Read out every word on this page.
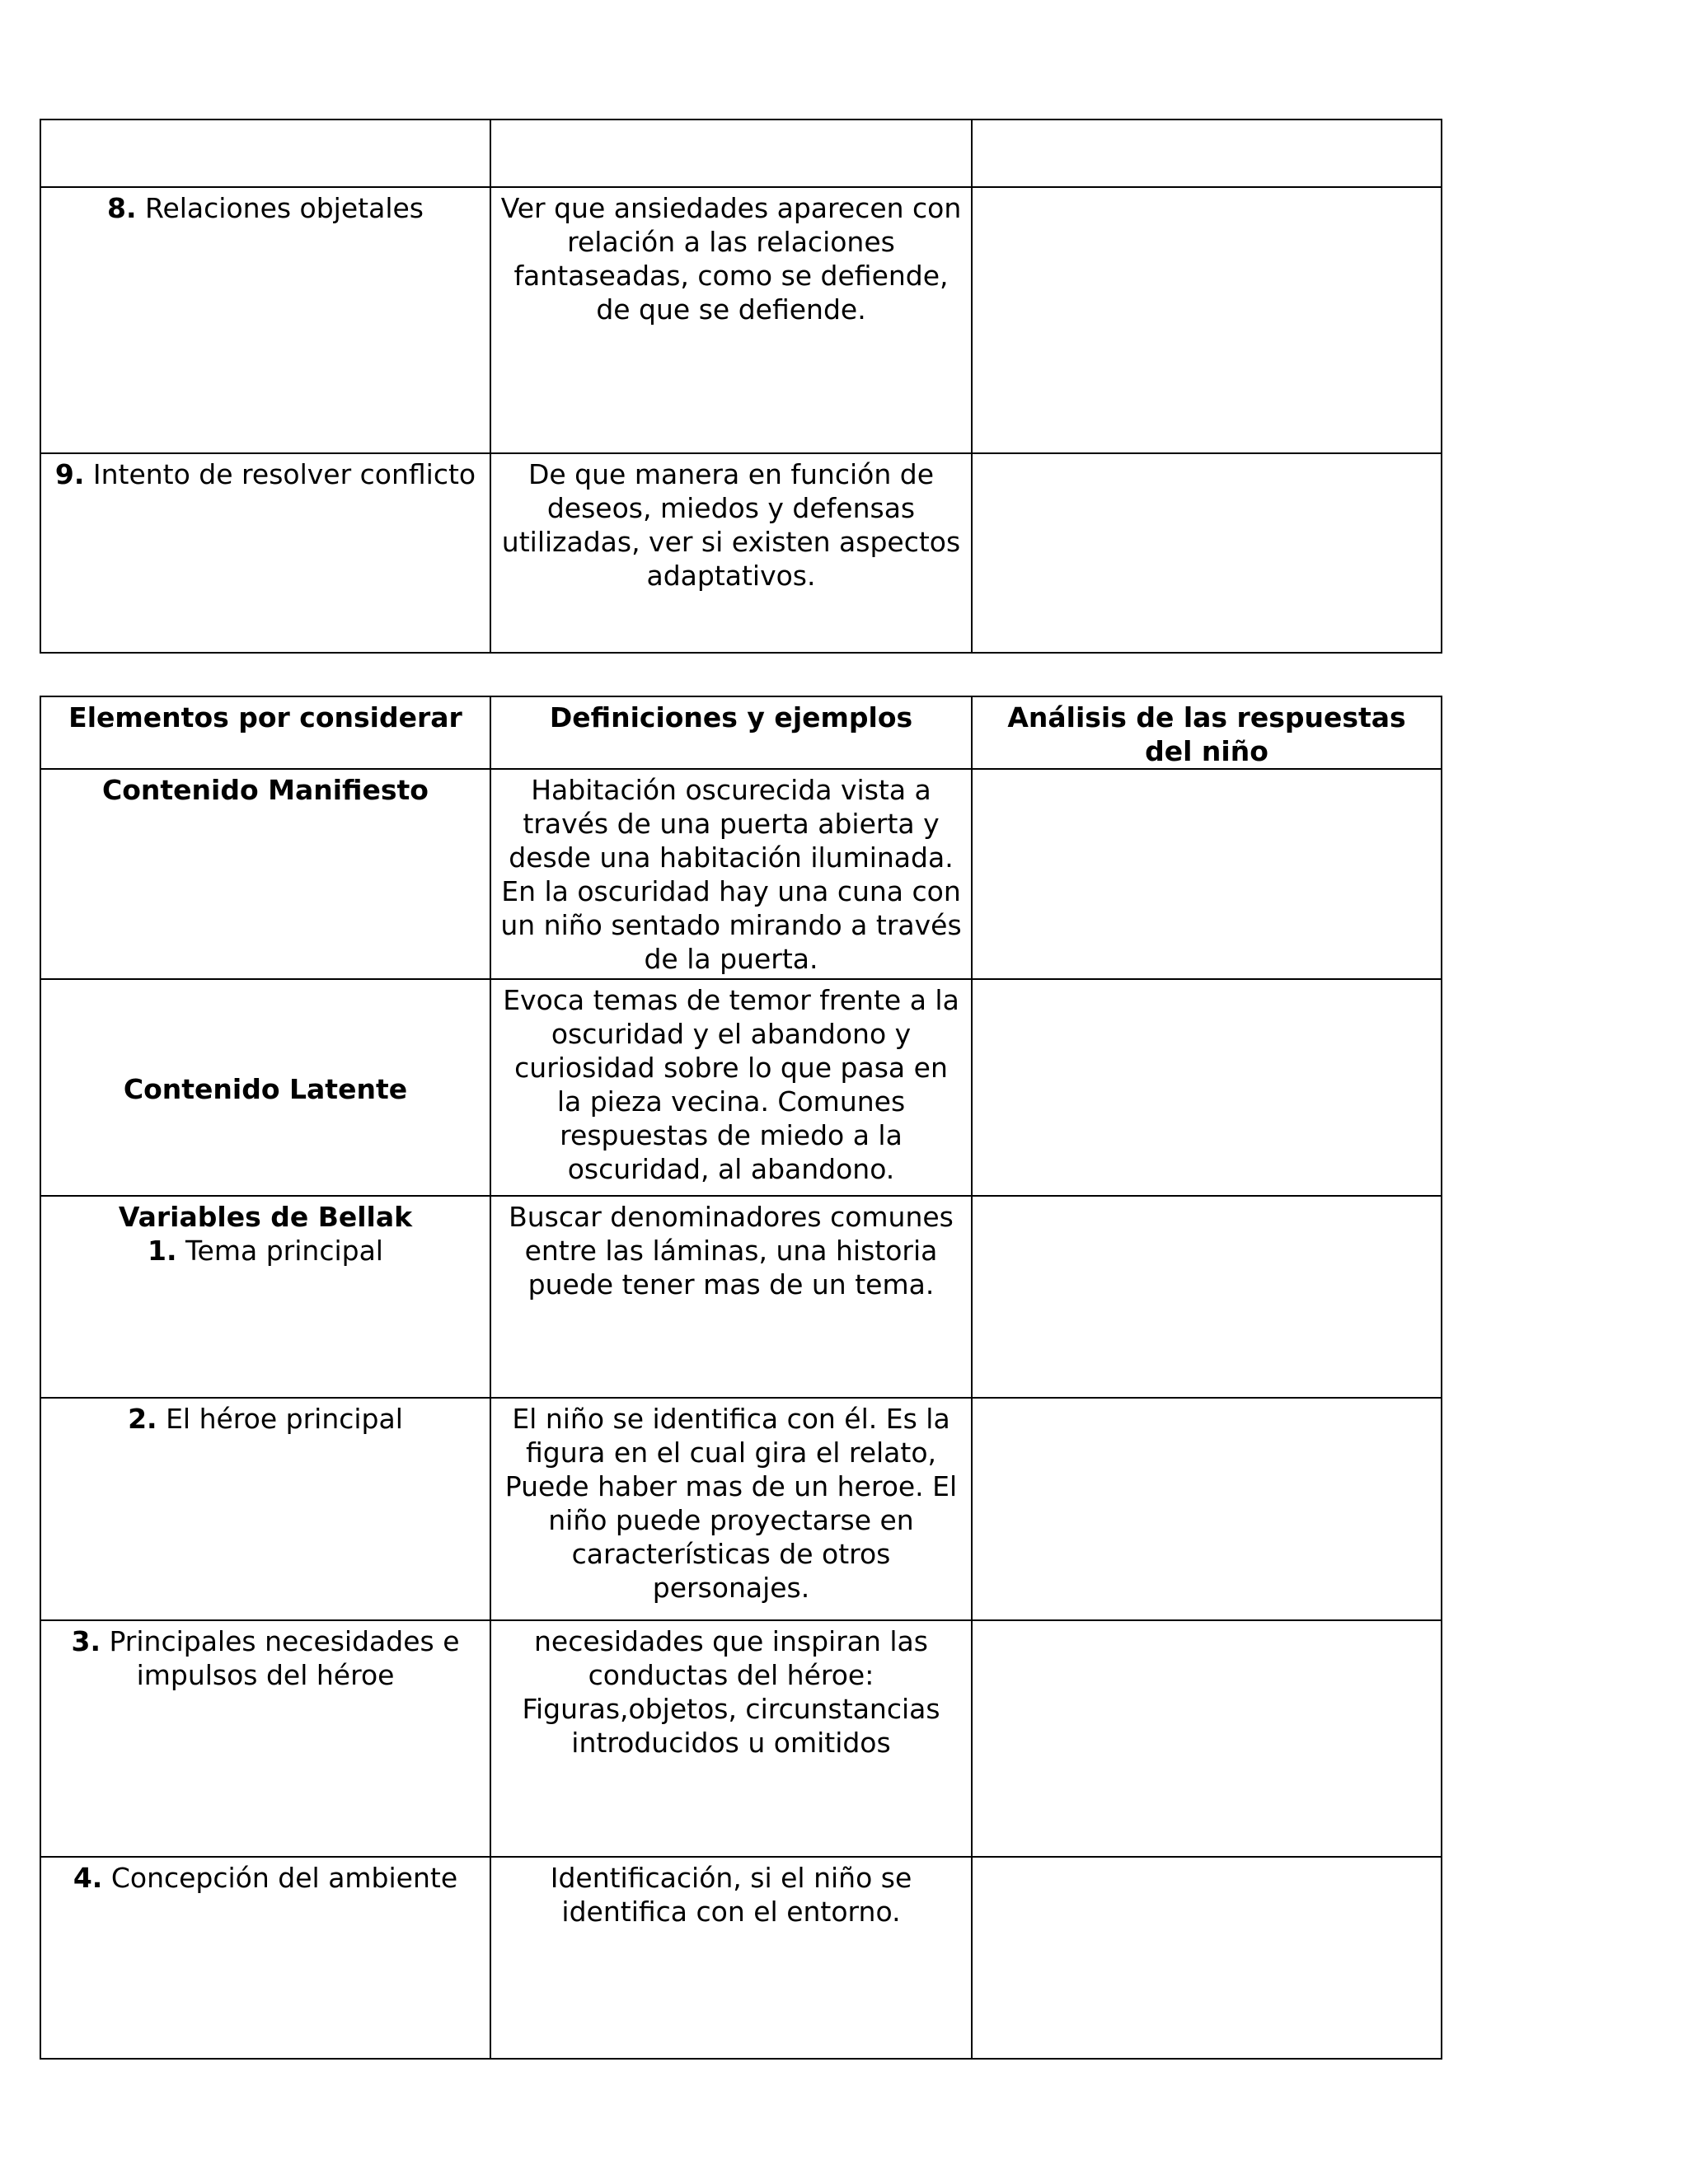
8. Relaciones objetales	Ver que ansiedades aparecen con relación a las relaciones fantaseadas, como se defiende, de que se defiende.	
9. Intento de resolver conflicto	De que manera en función de deseos, miedos y defensas utilizadas, ver si existen aspectos adaptativos.	
Elementos por considerar	Definiciones y ejemplos	Análisis de las respuestas del niño
Contenido Manifiesto	Habitación oscurecida vista a través de una puerta abierta y desde una habitación iluminada. En la oscuridad hay una cuna con un niño sentado mirando a través de la puerta.	
Contenido Latente	Evoca temas de temor frente a la oscuridad y el abandono y curiosidad sobre lo que pasa en la pieza vecina. Comunes respuestas de miedo a la oscuridad, al abandono.	

Variables de Bellak
1. Tema principal	Buscar denominadores comunes entre las láminas, una historia puede tener mas de un tema.	
2. El héroe principal	El niño se identifica con él. Es la figura en el cual gira el relato, Puede haber mas de un heroe. El niño puede proyectarse en características de otros personajes.	
3. Principales necesidades e impulsos del héroe	necesidades que inspiran las conductas del héroe: Figuras,objetos, circunstancias introducidos u omitidos	
4. Concepción del ambiente	Identificación, si el niño se identifica con el entorno.	
